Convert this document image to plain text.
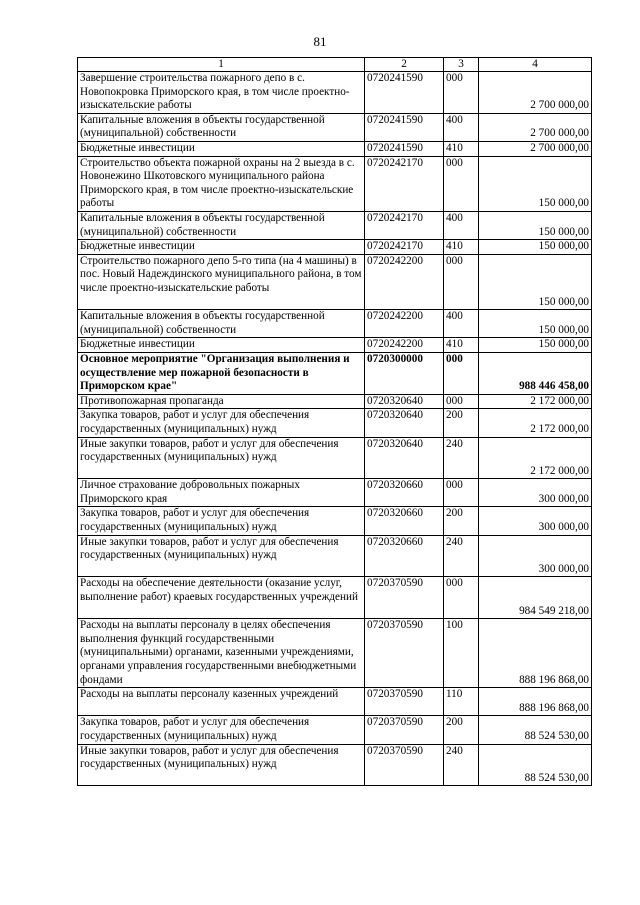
81
1	2	3	4
Завершение строительства пожарного депо в с. Новопокровка Приморского края, в том числе проектно-изыскательские работы	0720241590	000	2 700 000,00
Капитальные вложения в объекты государственной (муниципальной) собственности	0720241590	400	2 700 000,00
Бюджетные инвестиции	0720241590	410	2 700 000,00
Строительство объекта пожарной охраны на 2 выезда в с. Новонежино Шкотовского муниципального района Приморского края, в том числе проектно-изыскательские работы	0720242170	000	150 000,00
Капитальные вложения в объекты государственной (муниципальной) собственности	0720242170	400	150 000,00
Бюджетные инвестиции	0720242170	410	150 000,00
Строительство пожарного депо 5-го типа (на 4 машины) в пос. Новый Надеждинского муниципального района, в том числе проектно-изыскательские работы	0720242200	000	150 000,00
Капитальные вложения в объекты государственной (муниципальной) собственности	0720242200	400	150 000,00
Бюджетные инвестиции	0720242200	410	150 000,00
Основное мероприятие "Организация выполнения и осуществление мер пожарной безопасности в Приморском крае"	0720300000	000	988 446 458,00
Противопожарная пропаганда	0720320640	000	2 172 000,00
Закупка товаров, работ и услуг для обеспечения государственных (муниципальных) нужд	0720320640	200	2 172 000,00
Иные закупки товаров, работ и услуг для обеспечения государственных (муниципальных) нужд	0720320640	240	2 172 000,00
Личное страхование добровольных пожарных Приморского края	0720320660	000	300 000,00
Закупка товаров, работ и услуг для обеспечения государственных (муниципальных) нужд	0720320660	200	300 000,00
Иные закупки товаров, работ и услуг для обеспечения государственных (муниципальных) нужд	0720320660	240	300 000,00
Расходы на обеспечение деятельности (оказание услуг, выполнение работ) краевых государственных учреждений	0720370590	000	984 549 218,00
Расходы на выплаты персоналу в целях обеспечения выполнения функций государственными (муниципальными) органами, казенными учреждениями, органами управления государственными внебюджетными фондами	0720370590	100	888 196 868,00
Расходы на выплаты персоналу казенных учреждений	0720370590	110	888 196 868,00
Закупка товаров, работ и услуг для обеспечения государственных (муниципальных) нужд	0720370590	200	88 524 530,00
Иные закупки товаров, работ и услуг для обеспечения государственных (муниципальных) нужд	0720370590	240	88 524 530,00
